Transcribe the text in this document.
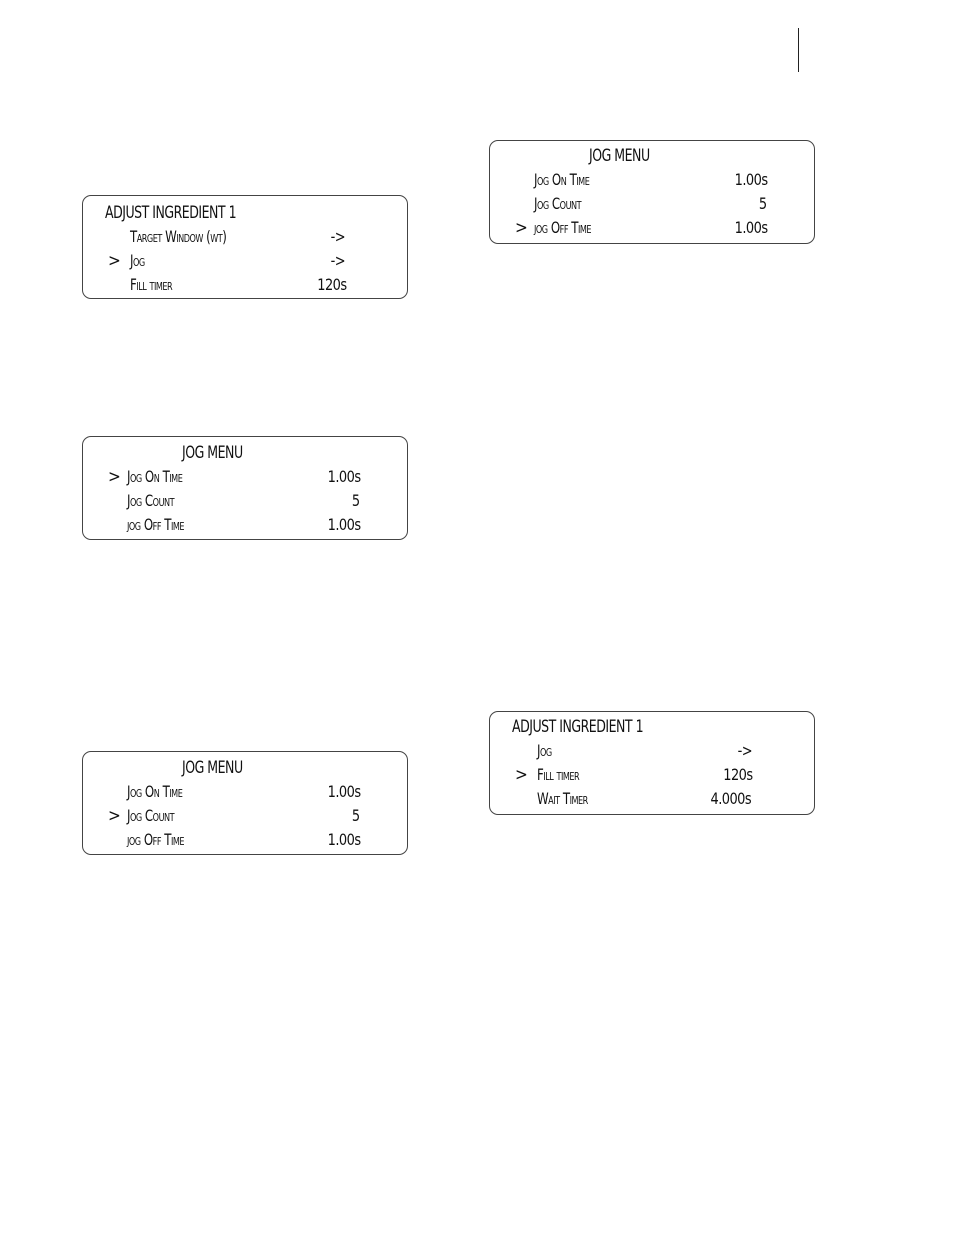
ADJUST INGREDIENT 1
Target Window (wt)	->
> Jog	->
Fill timer	120s
JOG MENU
> Jog On Time	1.00s
Jog Count	5
jog Off Time	1.00s
JOG MENU
Jog On Time	1.00s
> Jog Count	5
jog Off Time	1.00s
JOG MENU
Jog On Time	1.00s
Jog Count	5
> jog Off Time	1.00s
ADJUST INGREDIENT 1
Jog	->
> Fill timer	120s
Wait Timer	4.000s
